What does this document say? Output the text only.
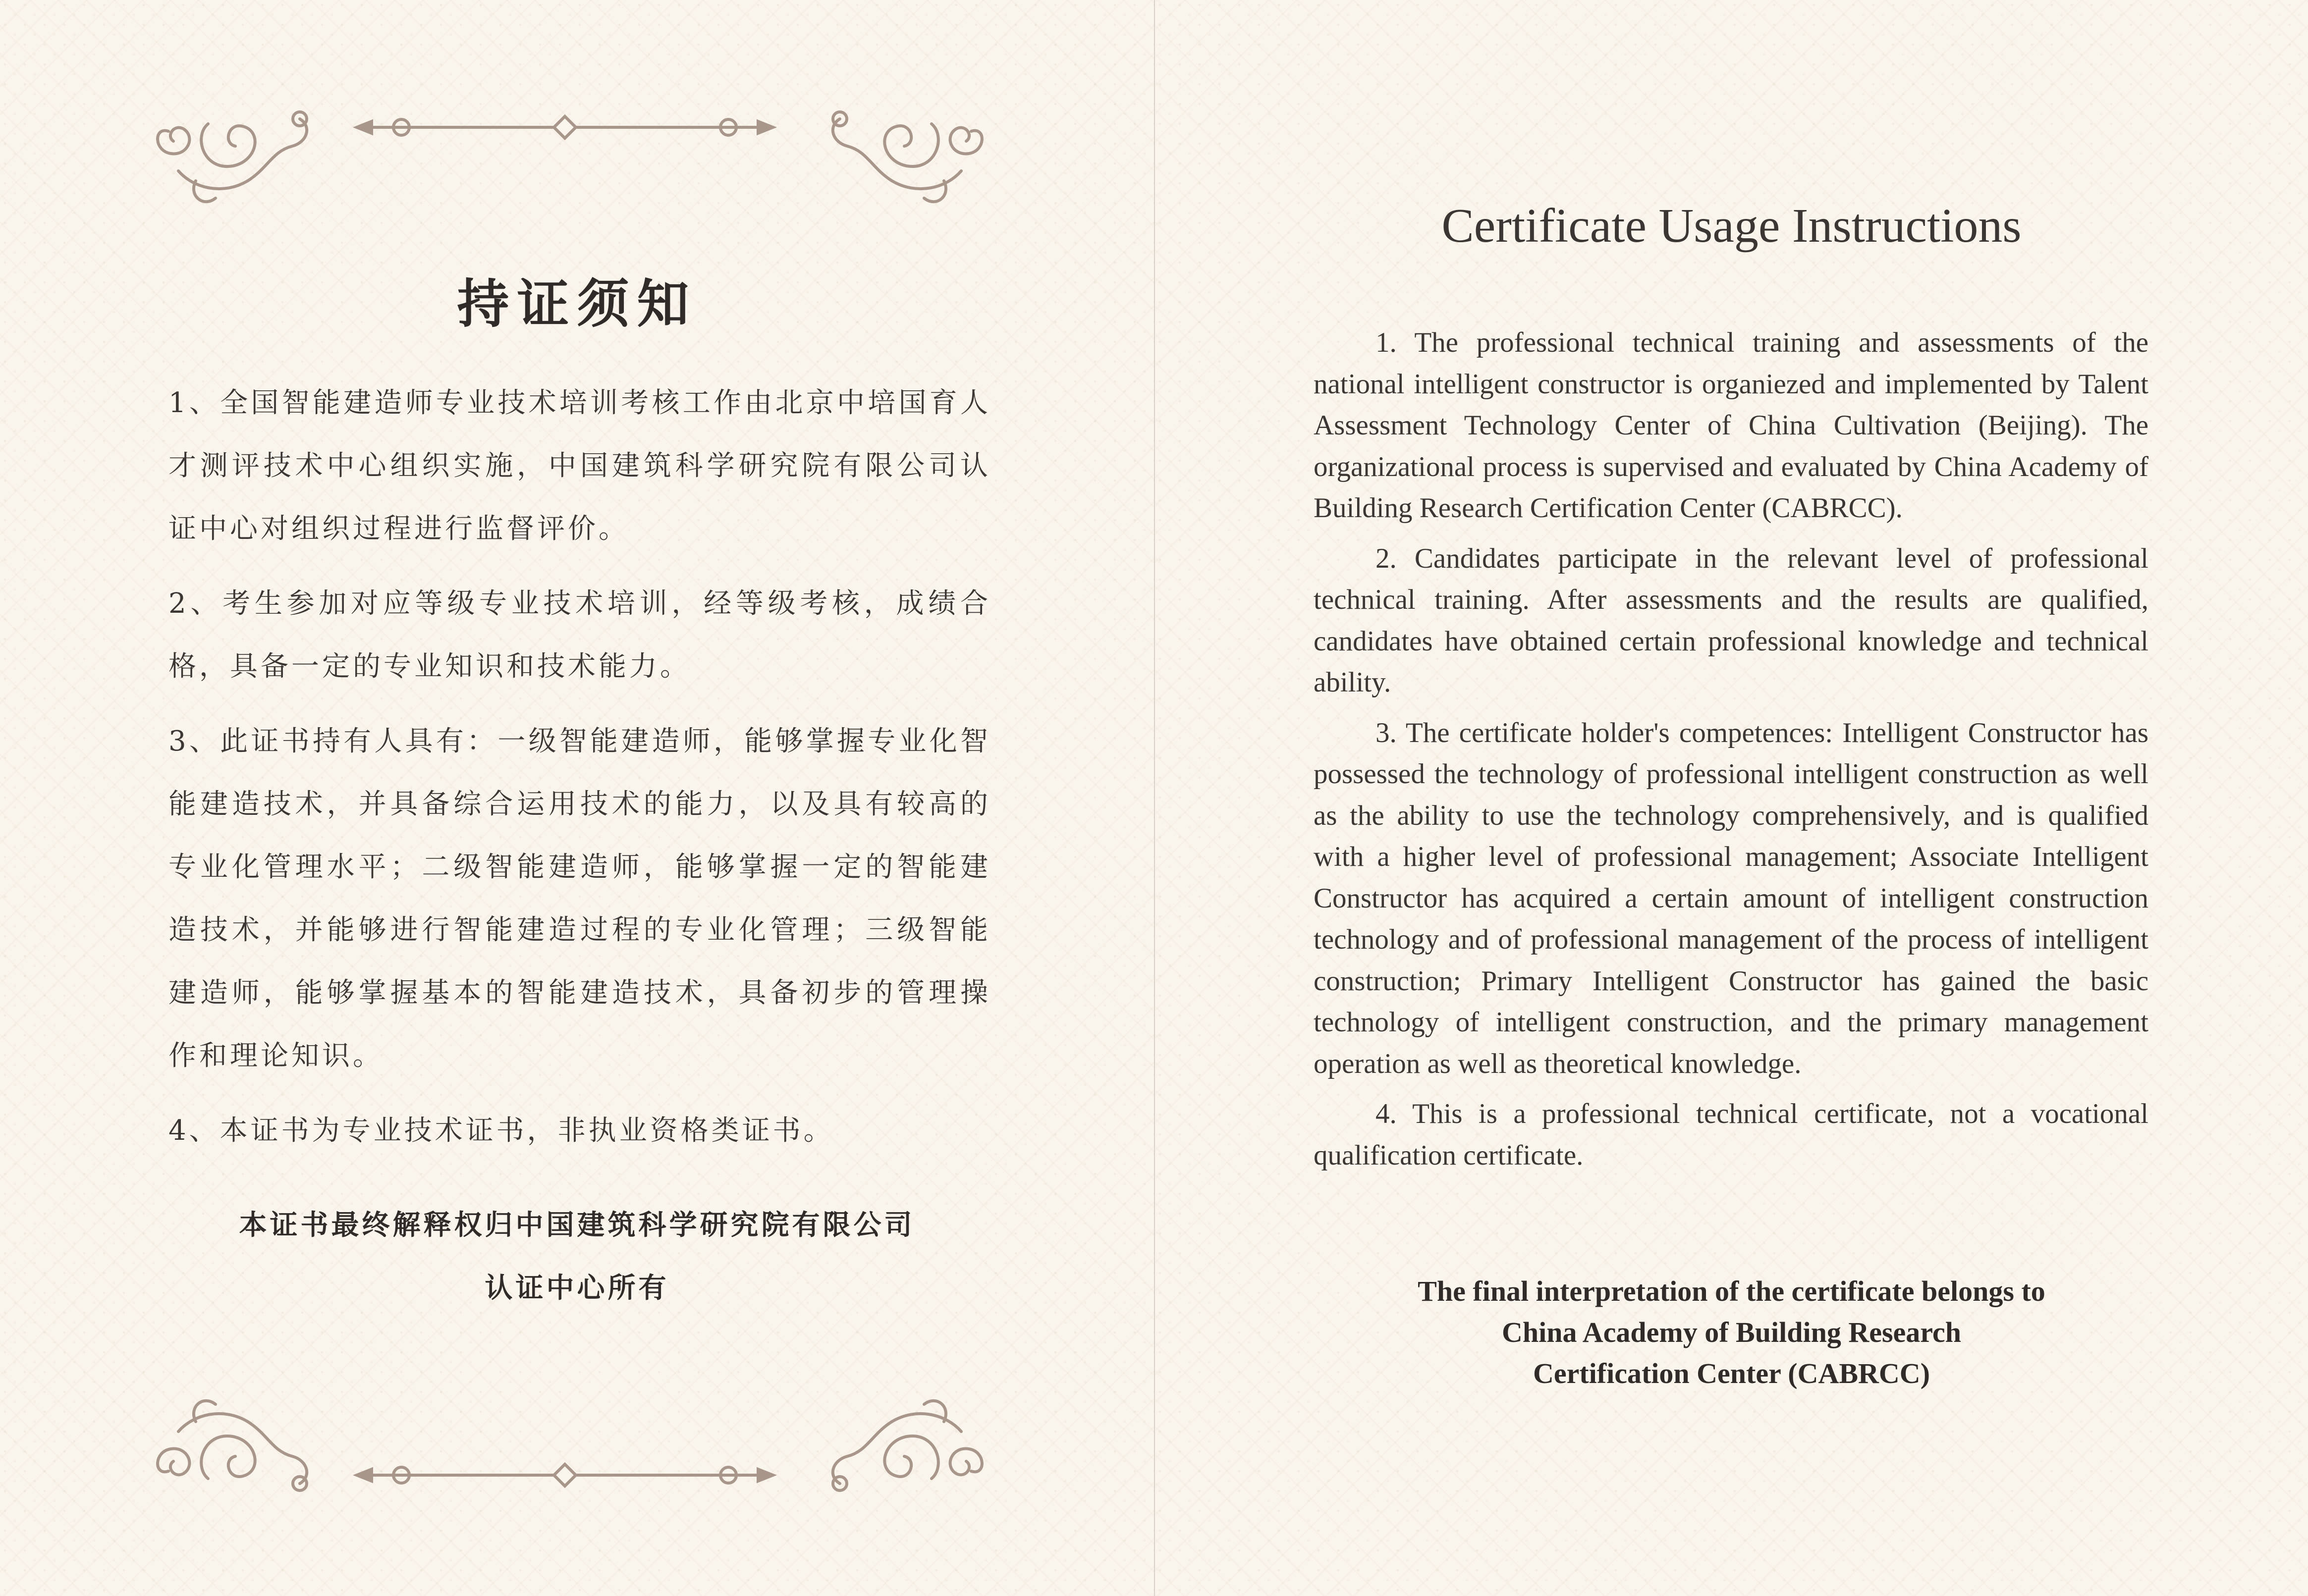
持证须知

1、全国智能建造师专业技术培训考核工作由北京中培国育人才测评技术中心组织实施，中国建筑科学研究院有限公司认证中心对组织过程进行监督评价。

2、考生参加对应等级专业技术培训，经等级考核，成绩合格，具备一定的专业知识和技术能力。

3、此证书持有人具有：一级智能建造师，能够掌握专业化智能建造技术，并具备综合运用技术的能力，以及具有较高的专业化管理水平；二级智能建造师，能够掌握一定的智能建造技术，并能够进行智能建造过程的专业化管理；三级智能建造师，能够掌握基本的智能建造技术，具备初步的管理操作和理论知识。

4、本证书为专业技术证书，非执业资格类证书。

本证书最终解释权归中国建筑科学研究院有限公司
认证中心所有
Certificate Usage Instructions

1. The professional technical training and assessments of the national intelligent constructor is organiezed and implemented by Talent Assessment Technology Center of China Cultivation (Beijing). The organizational process is supervised and evaluated by China Academy of Building Research Certification Center (CABRCC).

2. Candidates participate in the relevant level of professional technical training. After assessments and the results are qualified, candidates have obtained certain professional knowledge and technical ability.

3. The certificate holder's competences: Intelligent Constructor has possessed the technology of professional intelligent construction as well as the ability to use the technology comprehensively, and is qualified with a higher level of professional management; Associate Intelligent Constructor has acquired a certain amount of intelligent construction technology and of professional management of the process of intelligent construction; Primary Intelligent Constructor has gained the basic technology of intelligent construction, and the primary management operation as well as theoretical knowledge.

4. This is a professional technical certificate, not a vocational qualification certificate.

The final interpretation of the certificate belongs to
China Academy of Building Research
Certification Center (CABRCC)
